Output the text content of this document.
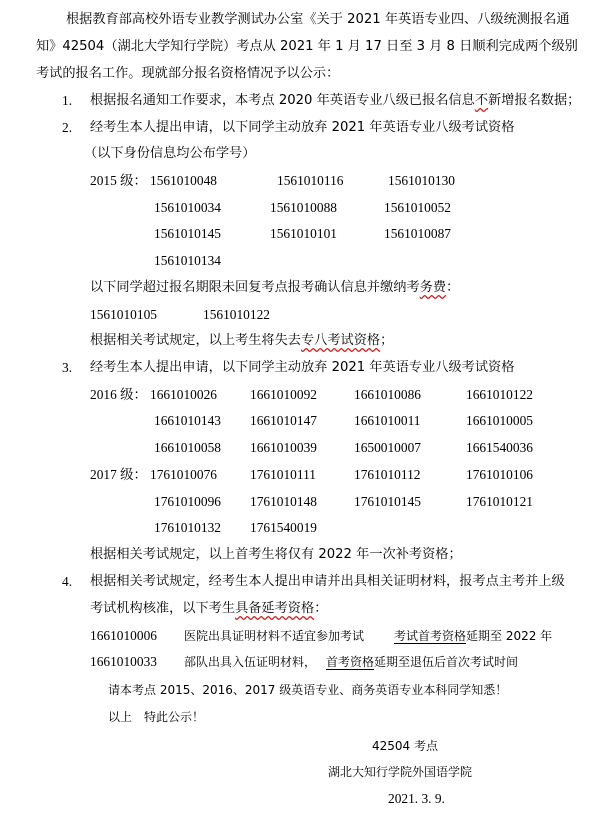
根据教育部高校外语专业教学测试办公室《关于 2021 年英语专业四、八级统测报名通
知》42504（湖北大学知行学院）考点从 2021 年 1 月 17 日至 3 月 8 日顺利完成两个级别
考试的报名工作。现就部分报名资格情况予以公示：
1. 根据报名通知工作要求，本考点 2020 年英语专业八级已报名信息不新增报名数据；
2. 经考生本人提出申请，以下同学主动放弃 2021 年英语专业八级考试资格
（以下身份信息均公布学号）
2015 级： 1561010048	1561010116	1561010130
1561010034	1561010088	1561010052
1561010145	1561010101	1561010087
1561010134
以下同学超过报名期限未回复考点报考确认信息并缴纳考务费：
1561010105	1561010122
根据相关考试规定，以上考生将失去专八考试资格；
3. 经考生本人提出申请，以下同学主动放弃 2021 年英语专业八级考试资格
2016 级： 1661010026 1661010092	1661010086	1661010122
1661010143 1661010147	1661010011	1661010005
1661010058 1661010039	1650010007	1661540036
2017 级： 1761010076 1761010111	1761010112	1761010106
1761010096 1761010148	1761010145	1761010121
1761010132 1761540019
根据相关考试规定，以上首考生将仅有 2022 年一次补考资格；
4. 根据相关考试规定，经考生本人提出申请并出具相关证明材料，报考点主考并上级
考试机构核准，以下考生具备延考资格：
1661010006 医院出具证明材料不适宜参加考试 考试首考资格延期至 2022 年
1661010033 部队出具入伍证明材料， 首考资格延期至退伍后首次考试时间
请本考点 2015、2016、2017 级英语专业、商务英语专业本科同学知悉！
以上　特此公示！
42504 考点
湖北大知行学院外国语学院
2021. 3. 9.
